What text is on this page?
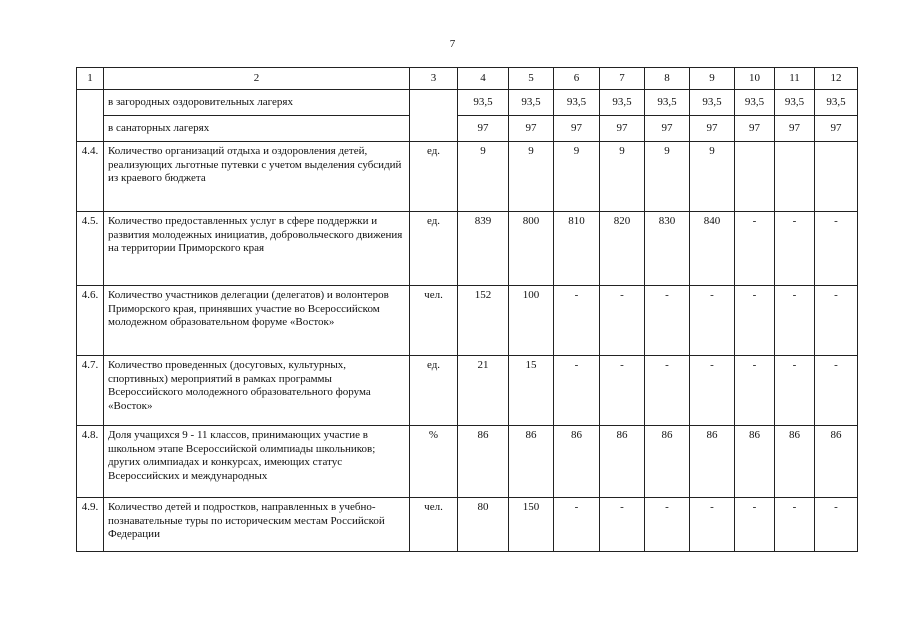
7
1	2	3	4	5	6	7	8	9	10	11	12
	в загородных оздоровительных лагерях		93,5	93,5	93,5	93,5	93,5	93,5	93,5	93,5	93,5
	в санаторных лагерях		97	97	97	97	97	97	97	97	97
4.4.	Количество организаций отдыха и оздоровления детей, реализующих льготные путевки с учетом выделения субсидий из краевого бюджета	ед.	9	9	9	9	9	9			
4.5.	Количество предоставленных услуг в сфере поддержки и развития молодежных инициатив, добровольческого движения на территории Приморского края	ед.	839	800	810	820	830	840	-	-	-
4.6.	Количество участников делегации (делегатов) и волонтеров Приморского края, принявших участие во Всероссийском молодежном образовательном форуме «Восток»	чел.	152	100	-	-	-	-	-	-	-
4.7.	Количество проведенных (досуговых, культурных, спортивных) мероприятий в рамках программы Всероссийского молодежного образовательного форума «Восток»	ед.	21	15	-	-	-	-	-	-	-
4.8.	Доля учащихся 9 - 11 классов, принимающих участие в школьном этапе Всероссийской олимпиады школьников; других олимпиадах и конкурсах, имеющих статус Всероссийских и международных	%	86	86	86	86	86	86	86	86	86
4.9.	Количество детей и подростков, направленных в учебно-познавательные туры по историческим местам Российской Федерации	чел.	80	150	-	-	-	-	-	-	-
